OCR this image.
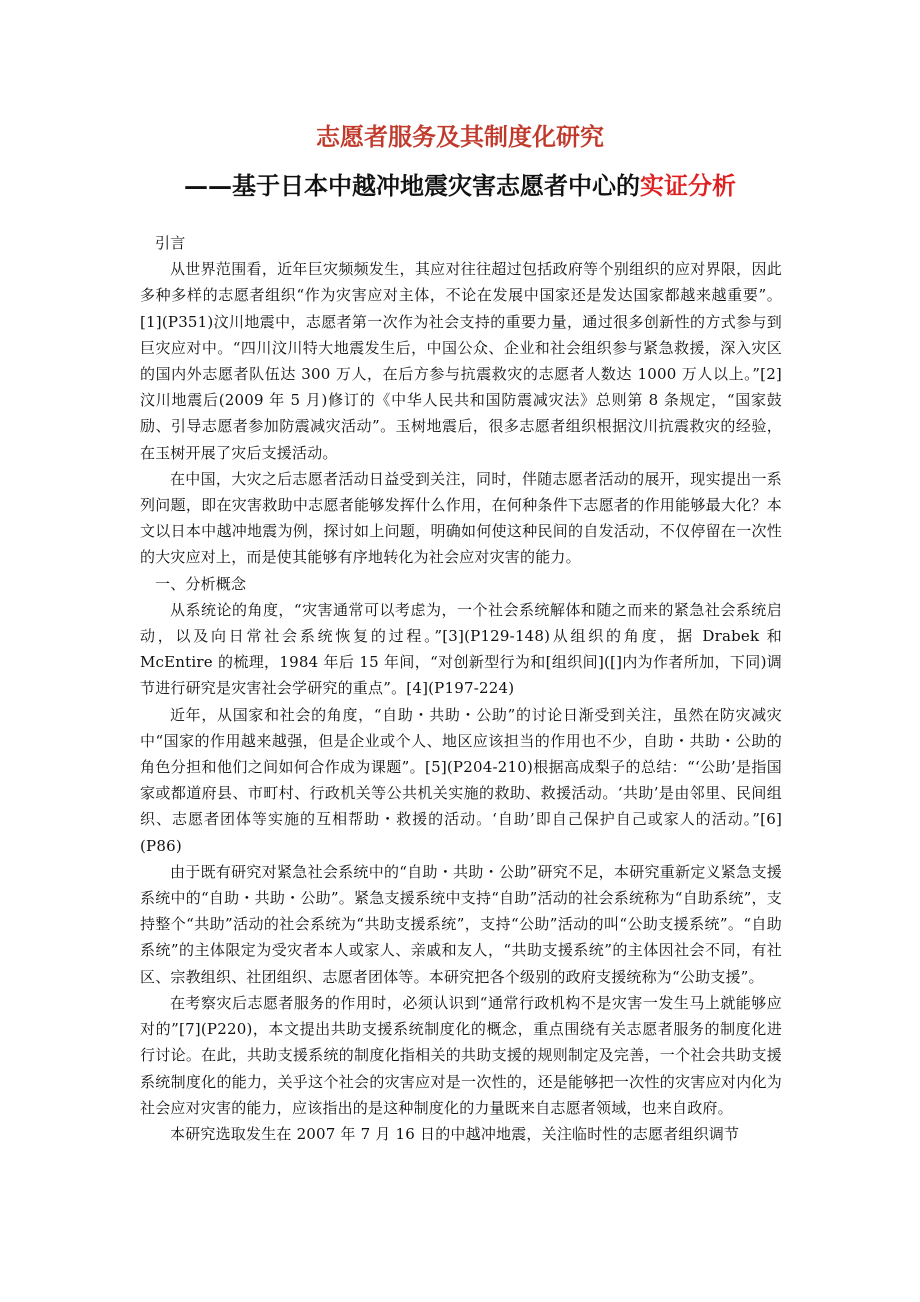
志愿者服务及其制度化研究
——基于日本中越冲地震灾害志愿者中心的实证分析

引言

从世界范围看，近年巨灾频频发生，其应对往往超过包括政府等个别组织的应对界限，因此多种多样的志愿者组织“作为灾害应对主体，不论在发展中国家还是发达国家都越来越重要”。[1](P351)汶川地震中，志愿者第一次作为社会支持的重要力量，通过很多创新性的方式参与到巨灾应对中。“四川汶川特大地震发生后，中国公众、企业和社会组织参与紧急救援，深入灾区的国内外志愿者队伍达 300 万人，在后方参与抗震救灾的志愿者人数达 1000 万人以上。”[2]汶川地震后(2009 年 5 月)修订的《中华人民共和国防震减灾法》总则第 8 条规定，“国家鼓励、引导志愿者参加防震减灾活动”。玉树地震后，很多志愿者组织根据汶川抗震救灾的经验，在玉树开展了灾后支援活动。

在中国，大灾之后志愿者活动日益受到关注，同时，伴随志愿者活动的展开，现实提出一系列问题，即在灾害救助中志愿者能够发挥什么作用，在何种条件下志愿者的作用能够最大化？本文以日本中越冲地震为例，探讨如上问题，明确如何使这种民间的自发活动，不仅停留在一次性的大灾应对上，而是使其能够有序地转化为社会应对灾害的能力。

一、分析概念

从系统论的角度，“灾害通常可以考虑为，一个社会系统解体和随之而来的紧急社会系统启动，以及向日常社会系统恢复的过程。”[3](P129-148)从组织的角度，据 Drabek 和 McEntire 的梳理，1984 年后 15 年间，“对创新型行为和[组织间]([]内为作者所加，下同)调节进行研究是灾害社会学研究的重点”。[4](P197-224)

近年，从国家和社会的角度，“自助・共助・公助”的讨论日渐受到关注，虽然在防灾减灾中“国家的作用越来越强，但是企业或个人、地区应该担当的作用也不少，自助・共助・公助的角色分担和他们之间如何合作成为课题”。[5](P204-210)根据高成梨子的总结：“‘公助’是指国家或都道府县、市町村、行政机关等公共机关实施的救助、救援活动。‘共助’是由邻里、民间组织、志愿者团体等实施的互相帮助・救援的活动。‘自助’即自己保护自己或家人的活动。”[6](P86)

由于既有研究对紧急社会系统中的“自助・共助・公助”研究不足，本研究重新定义紧急支援系统中的“自助・共助・公助”。紧急支援系统中支持“自助”活动的社会系统称为“自助系统”，支持整个“共助”活动的社会系统为“共助支援系统”，支持“公助”活动的叫“公助支援系统”。“自助系统”的主体限定为受灾者本人或家人、亲戚和友人，“共助支援系统”的主体因社会不同，有社区、宗教组织、社团组织、志愿者团体等。本研究把各个级别的政府支援统称为“公助支援”。

在考察灾后志愿者服务的作用时，必须认识到“通常行政机构不是灾害一发生马上就能够应对的”[7](P220)，本文提出共助支援系统制度化的概念，重点围绕有关志愿者服务的制度化进行讨论。在此，共助支援系统的制度化指相关的共助支援的规则制定及完善，一个社会共助支援系统制度化的能力，关乎这个社会的灾害应对是一次性的，还是能够把一次性的灾害应对内化为社会应对灾害的能力，应该指出的是这种制度化的力量既来自志愿者领域，也来自政府。

本研究选取发生在 2007 年 7 月 16 日的中越冲地震，关注临时性的志愿者组织调节
